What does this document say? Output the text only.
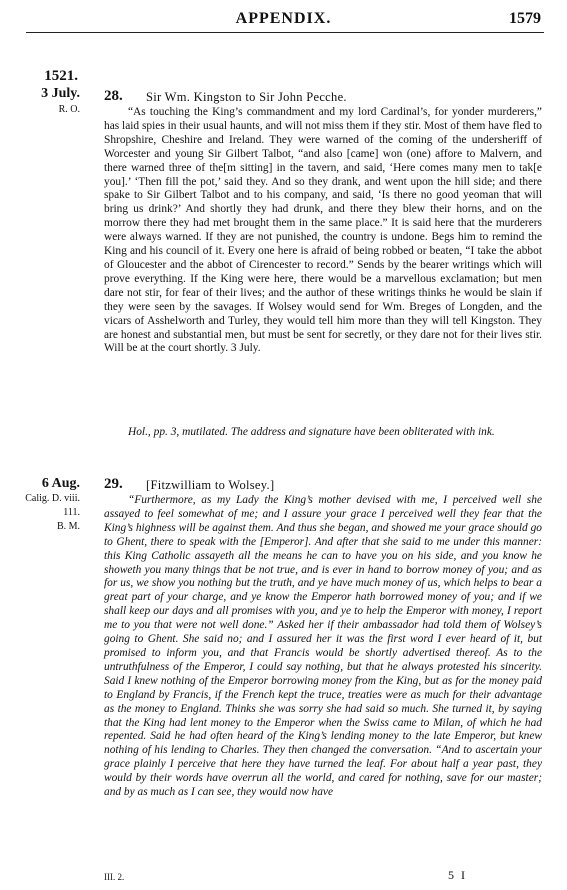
APPENDIX.	1579
1521.
3 July.
R. O.
28. Sir Wm. Kingston to Sir John Pecche.

“As touching the King’s commandment and my lord Cardinal’s, for yonder murderers,” has laid spies in their usual haunts, and will not miss them if they stir. Most of them have fled to Shropshire, Cheshire and Ireland. They were warned of the coming of the undersheriff of Worcester and young Sir Gilbert Talbot, “and also [came] won (one) affore to Malvern, and there warned three of the[m sitting] in the tavern, and said, ‘Here comes many men to tak[e you].’ ‘Then fill the pot,’ said they. And so they drank, and went upon the hill side; and there spake to Sir Gilbert Talbot and to his company, and said, ‘Is there no good yeoman that will bring us drink?’ And shortly they had drunk, and there they blew their horns, and on the morrow there they had met brought them in the same place.” It is said here that the murderers were always warned. If they are not punished, the country is undone. Begs him to remind the King and his council of it. Every one here is afraid of being robbed or beaten, “I take the abbot of Gloucester and the abbot of Cirencester to record.” Sends by the bearer writings which will prove everything. If the King were here, there would be a marvellous exclamation; but men dare not stir, for fear of their lives; and the author of these writings thinks he would be slain if they were seen by the savages. If Wolsey would send for Wm. Breges of Longden, and the vicars of Asshelworth and Turley, they would tell him more than they will tell Kingston. They are honest and substantial men, but must be sent for secretly, or they dare not for their lives stir. Will be at the court shortly. 3 July.

Hol., pp. 3, mutilated. The address and signature have been obliterated with ink.

6 Aug.
Calig. D. viii.
111.
B. M.
29. [Fitzwilliam to Wolsey.]

“Furthermore, as my Lady the King’s mother devised with me, I perceived well she assayed to feel somewhat of me; and I assure your grace I perceived well they fear that the King’s highness will be against them. And thus she began, and showed me your grace should go to Ghent, there to speak with the [Emperor]. And after that she said to me under this manner: this King Catholic assayeth all the means he can to have you on his side, and you know he showeth you many things that be not true, and is ever in hand to borrow money of you; and as for us, we show you nothing but the truth, and ye have much money of us, which helps to bear a great part of your charge, and ye know the Emperor hath borrowed money of you; and if we shall keep our days and all promises with you, and ye to help the Emperor with money, I report me to you that were not well done.” Asked her if their ambassador had told them of Wolsey’s going to Ghent. She said no; and I assured her it was the first word I ever heard of it, but promised to inform you, and that Francis would be shortly advertised thereof. As to the untruthfulness of the Emperor, I could say nothing, but that he always protested his sincerity. Said I knew nothing of the Emperor borrowing money from the King, but as for the money paid to England by Francis, if the French kept the truce, treaties were as much for their advantage as the money to England. Thinks she was sorry she had said so much. She turned it, by saying that the King had lent money to the Emperor when the Swiss came to Milan, of which he had repented. Said he had often heard of the King’s lending money to the late Emperor, but knew nothing of his lending to Charles. They then changed the conversation. “And to ascertain your grace plainly I perceive that here they have turned the leaf. For about half a year past, they would by their words have overrun all the world, and cared for nothing, save for our master; and by as much as I can see, they would now have

III. 2.	5 I
